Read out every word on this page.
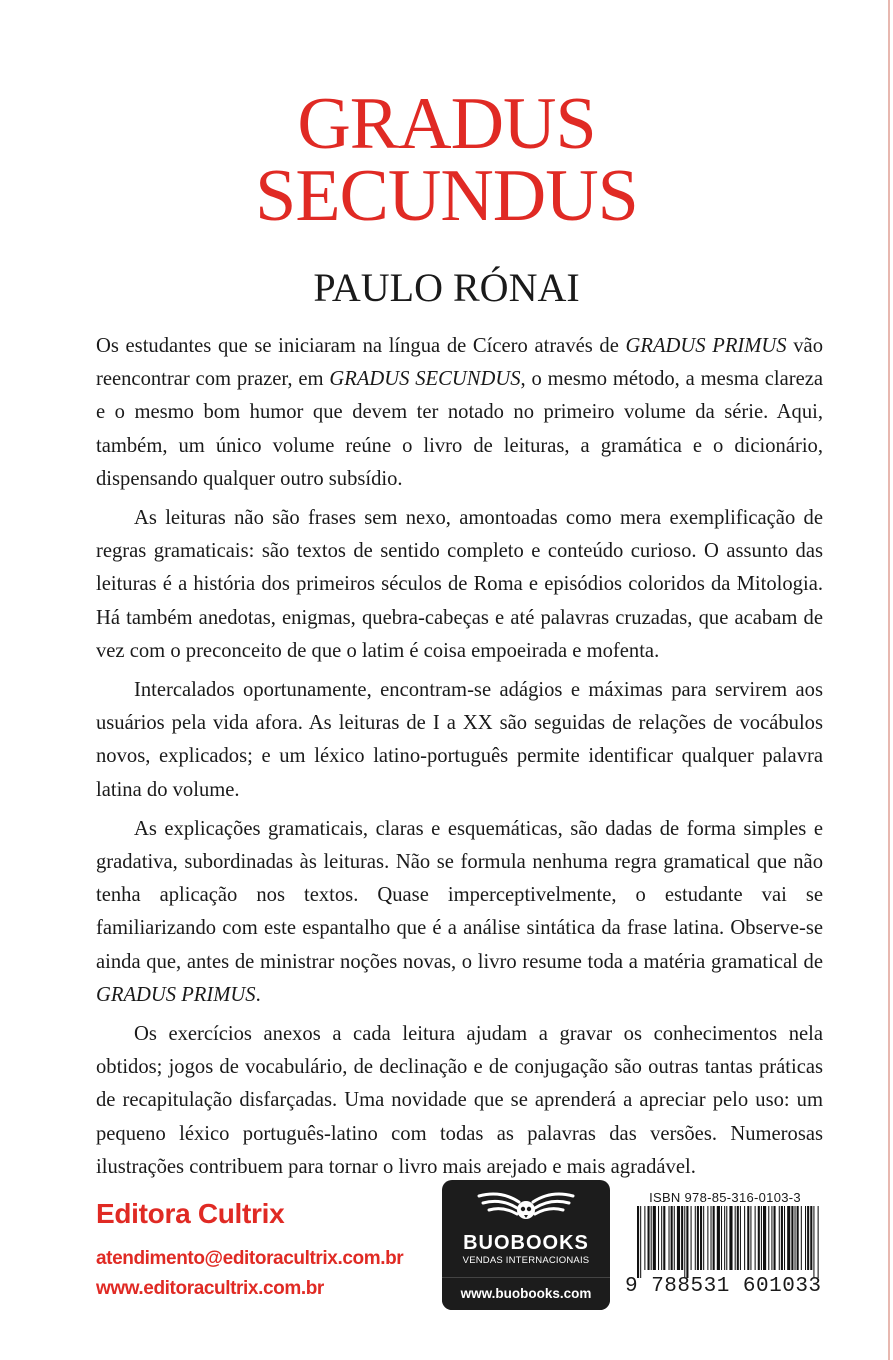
GRADUS
SECUNDUS
PAULO RÓNAI

Os estudantes que se iniciaram na língua de Cícero através de GRADUS PRIMUS vão reencontrar com prazer, em GRADUS SECUNDUS, o mesmo método, a mesma clareza e o mesmo bom humor que devem ter notado no primeiro volume da série. Aqui, também, um único volume reúne o livro de leituras, a gramática e o dicionário, dispensando qualquer outro subsídio.

As leituras não são frases sem nexo, amontoadas como mera exemplificação de regras gramaticais: são textos de sentido completo e conteúdo curioso. O assunto das leituras é a história dos primeiros séculos de Roma e episódios coloridos da Mitologia. Há também anedotas, enigmas, quebra-cabeças e até palavras cruzadas, que acabam de vez com o preconceito de que o latim é coisa empoeirada e mofenta.

Intercalados oportunamente, encontram-se adágios e máximas para servirem aos usuários pela vida afora. As leituras de I a XX são seguidas de relações de vocábulos novos, explicados; e um léxico latino-português permite identificar qualquer palavra latina do volume.

As explicações gramaticais, claras e esquemáticas, são dadas de forma simples e gradativa, subordinadas às leituras. Não se formula nenhuma regra gramatical que não tenha aplicação nos textos. Quase imperceptivelmente, o estudante vai se familiarizando com este espantalho que é a análise sintática da frase latina. Observe-se ainda que, antes de ministrar noções novas, o livro resume toda a matéria gramatical de GRADUS PRIMUS.

Os exercícios anexos a cada leitura ajudam a gravar os conhecimentos nela obtidos; jogos de vocabulário, de declinação e de conjugação são outras tantas práticas de recapitulação disfarçadas. Uma novidade que se aprenderá a apreciar pelo uso: um pequeno léxico português-latino com todas as palavras das versões. Numerosas ilustrações contribuem para tornar o livro mais arejado e mais agradável.

Editora Cultrix
atendimento@editoracultrix.com.br
www.editoracultrix.com.br
BUOBOOKS
VENDAS INTERNACIONAIS
www.buobooks.com
ISBN 978-85-316-0103-3
9 788531 601033
